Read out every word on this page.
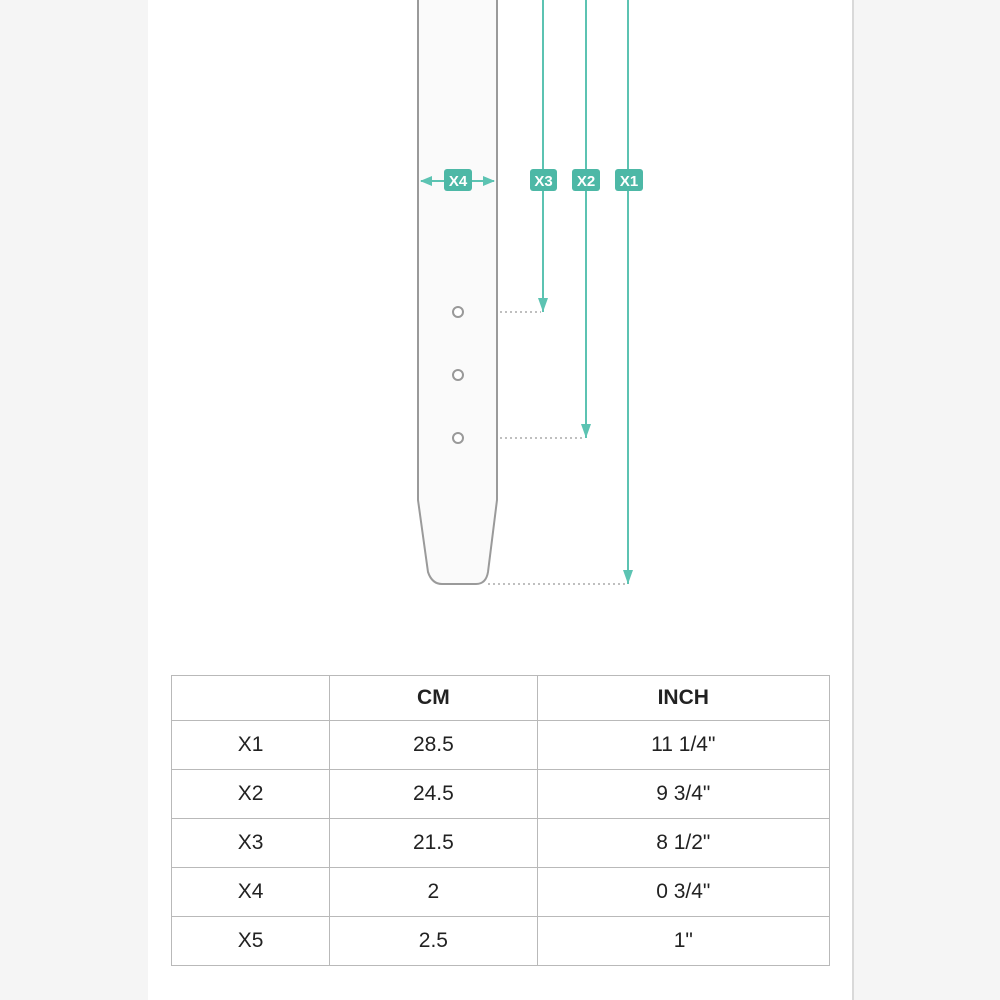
X4	X3 X2 X1
	CM	INCH
X1	28.5	11 1/4"
X2	24.5	9 3/4"
X3	21.5	8 1/2"
X4	2	0 3/4"
X5	2.5	1"
